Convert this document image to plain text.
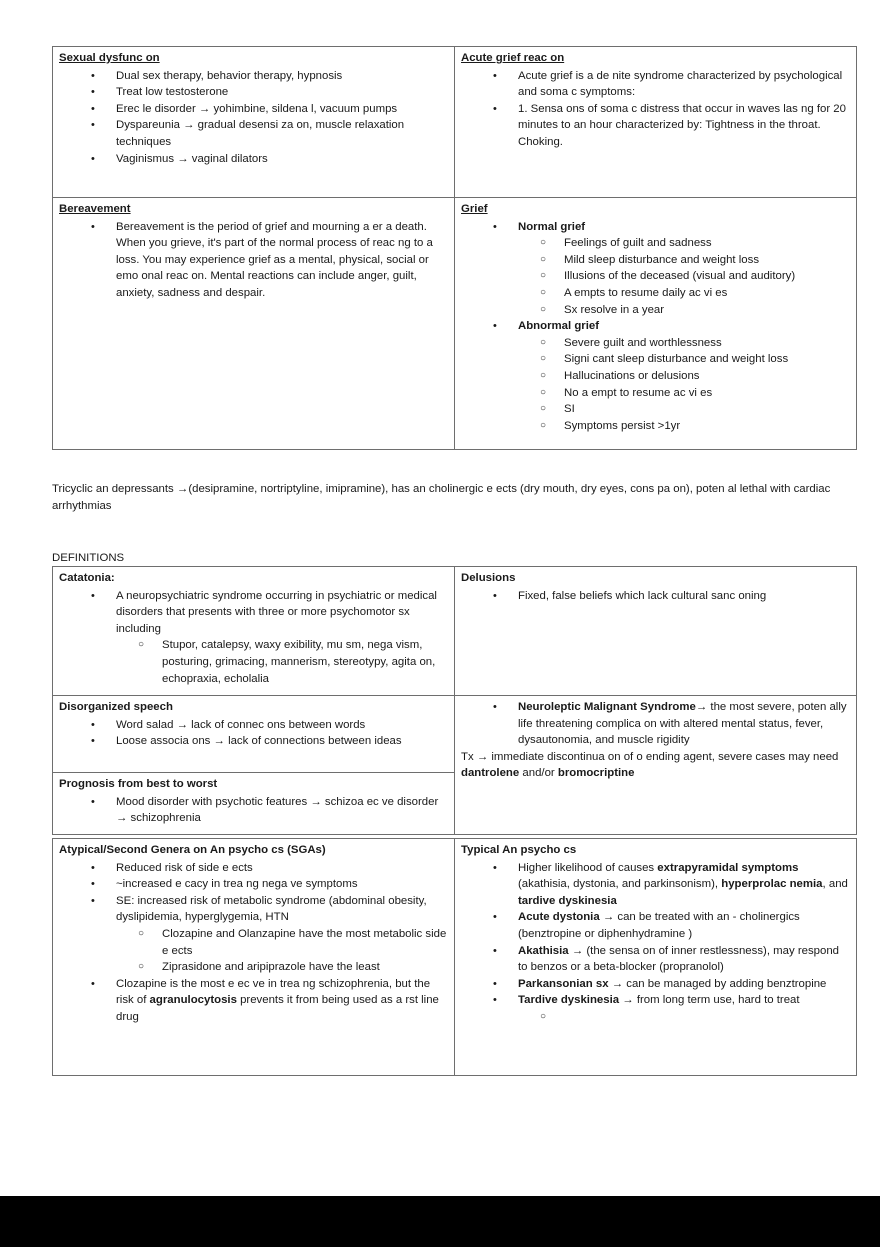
Sexual dysfunc on
• Dual sex therapy, behavior therapy, hypnosis
• Treat low testosterone
• Erec le disorder → yohimbine, sildena l, vacuum pumps
• Dyspareunia → gradual desensi za on, muscle relaxation techniques
• Vaginismus → vaginal dilators

Acute grief reac on
• Acute grief is a de nite syndrome characterized by psychological and soma c symptoms:
• 1. Sensa ons of soma c distress that occur in waves las ng for 20 minutes to an hour characterized by: Tightness in the throat. Choking.

Bereavement
• Bereavement is the period of grief and mourning a er a death. When you grieve, it's part of the normal process of reac ng to a loss. You may experience grief as a mental, physical, social or emo onal reac on. Mental reactions can include anger, guilt, anxiety, sadness and despair.

Grief
• Normal grief
○ Feelings of guilt and sadness
○ Mild sleep disturbance and weight loss
○ Illusions of the deceased (visual and auditory)
○ A empts to resume daily ac vi es
○ Sx resolve in a year
• Abnormal grief
○ Severe guilt and worthlessness
○ Signi cant sleep disturbance and weight loss
○ Hallucinations or delusions
○ No a empt to resume ac vi es
○ SI
○ Symptoms persist >1yr

Tricyclic an depressants →(desipramine, nortriptyline, imipramine), has an cholinergic e ects (dry mouth, dry eyes, cons pa on), poten al lethal with cardiac arrhythmias

DEFINITIONS

Catatonia:
• A neuropsychiatric syndrome occurring in psychiatric or medical disorders that presents with three or more psychomotor sx including
○ Stupor, catalepsy, waxy exibility, mu sm, nega vism, posturing, grimacing, mannerism, stereotypy, agita on, echopraxia, echolalia

Delusions
• Fixed, false beliefs which lack cultural sanc oning

Disorganized speech
• Word salad → lack of connec ons between words
• Loose associa ons → lack of connections between ideas

• Neuroleptic Malignant Syndrome→ the most severe, poten ally life threatening complica on with altered mental status, fever, dysautonomia, and muscle rigidity

Tx → immediate discontinua on of o ending agent, severe cases may need dantrolene and/or bromocriptine

Prognosis from best to worst
• Mood disorder with psychotic features → schizoa ec ve disorder → schizophrenia
Atypical/Second Genera on An psycho cs (SGAs)
• Reduced risk of side e ects
• ~increased e cacy in trea ng nega ve symptoms
• SE: increased risk of metabolic syndrome (abdominal obesity, dyslipidemia, hyperglygemia, HTN
○ Clozapine and Olanzapine have the most metabolic side e ects
○ Ziprasidone and aripiprazole have the least
• Clozapine is the most e ec ve in trea ng schizophrenia, but the risk of agranulocytosis prevents it from being used as a rst line drug

Typical An psycho cs
• Higher likelihood of causes extrapyramidal symptoms (akathisia, dystonia, and parkinsonism), hyperprolac nemia, and tardive dyskinesia
• Acute dystonia → can be treated with an - cholinergics (benztropine or diphenhydramine )
• Akathisia → (the sensa on of inner restlessness), may respond to benzos or a beta-blocker (propranolol)
• Parkansonian sx → can be managed by adding benztropine
• Tardive dyskinesia → from long term use, hard to treat
○
